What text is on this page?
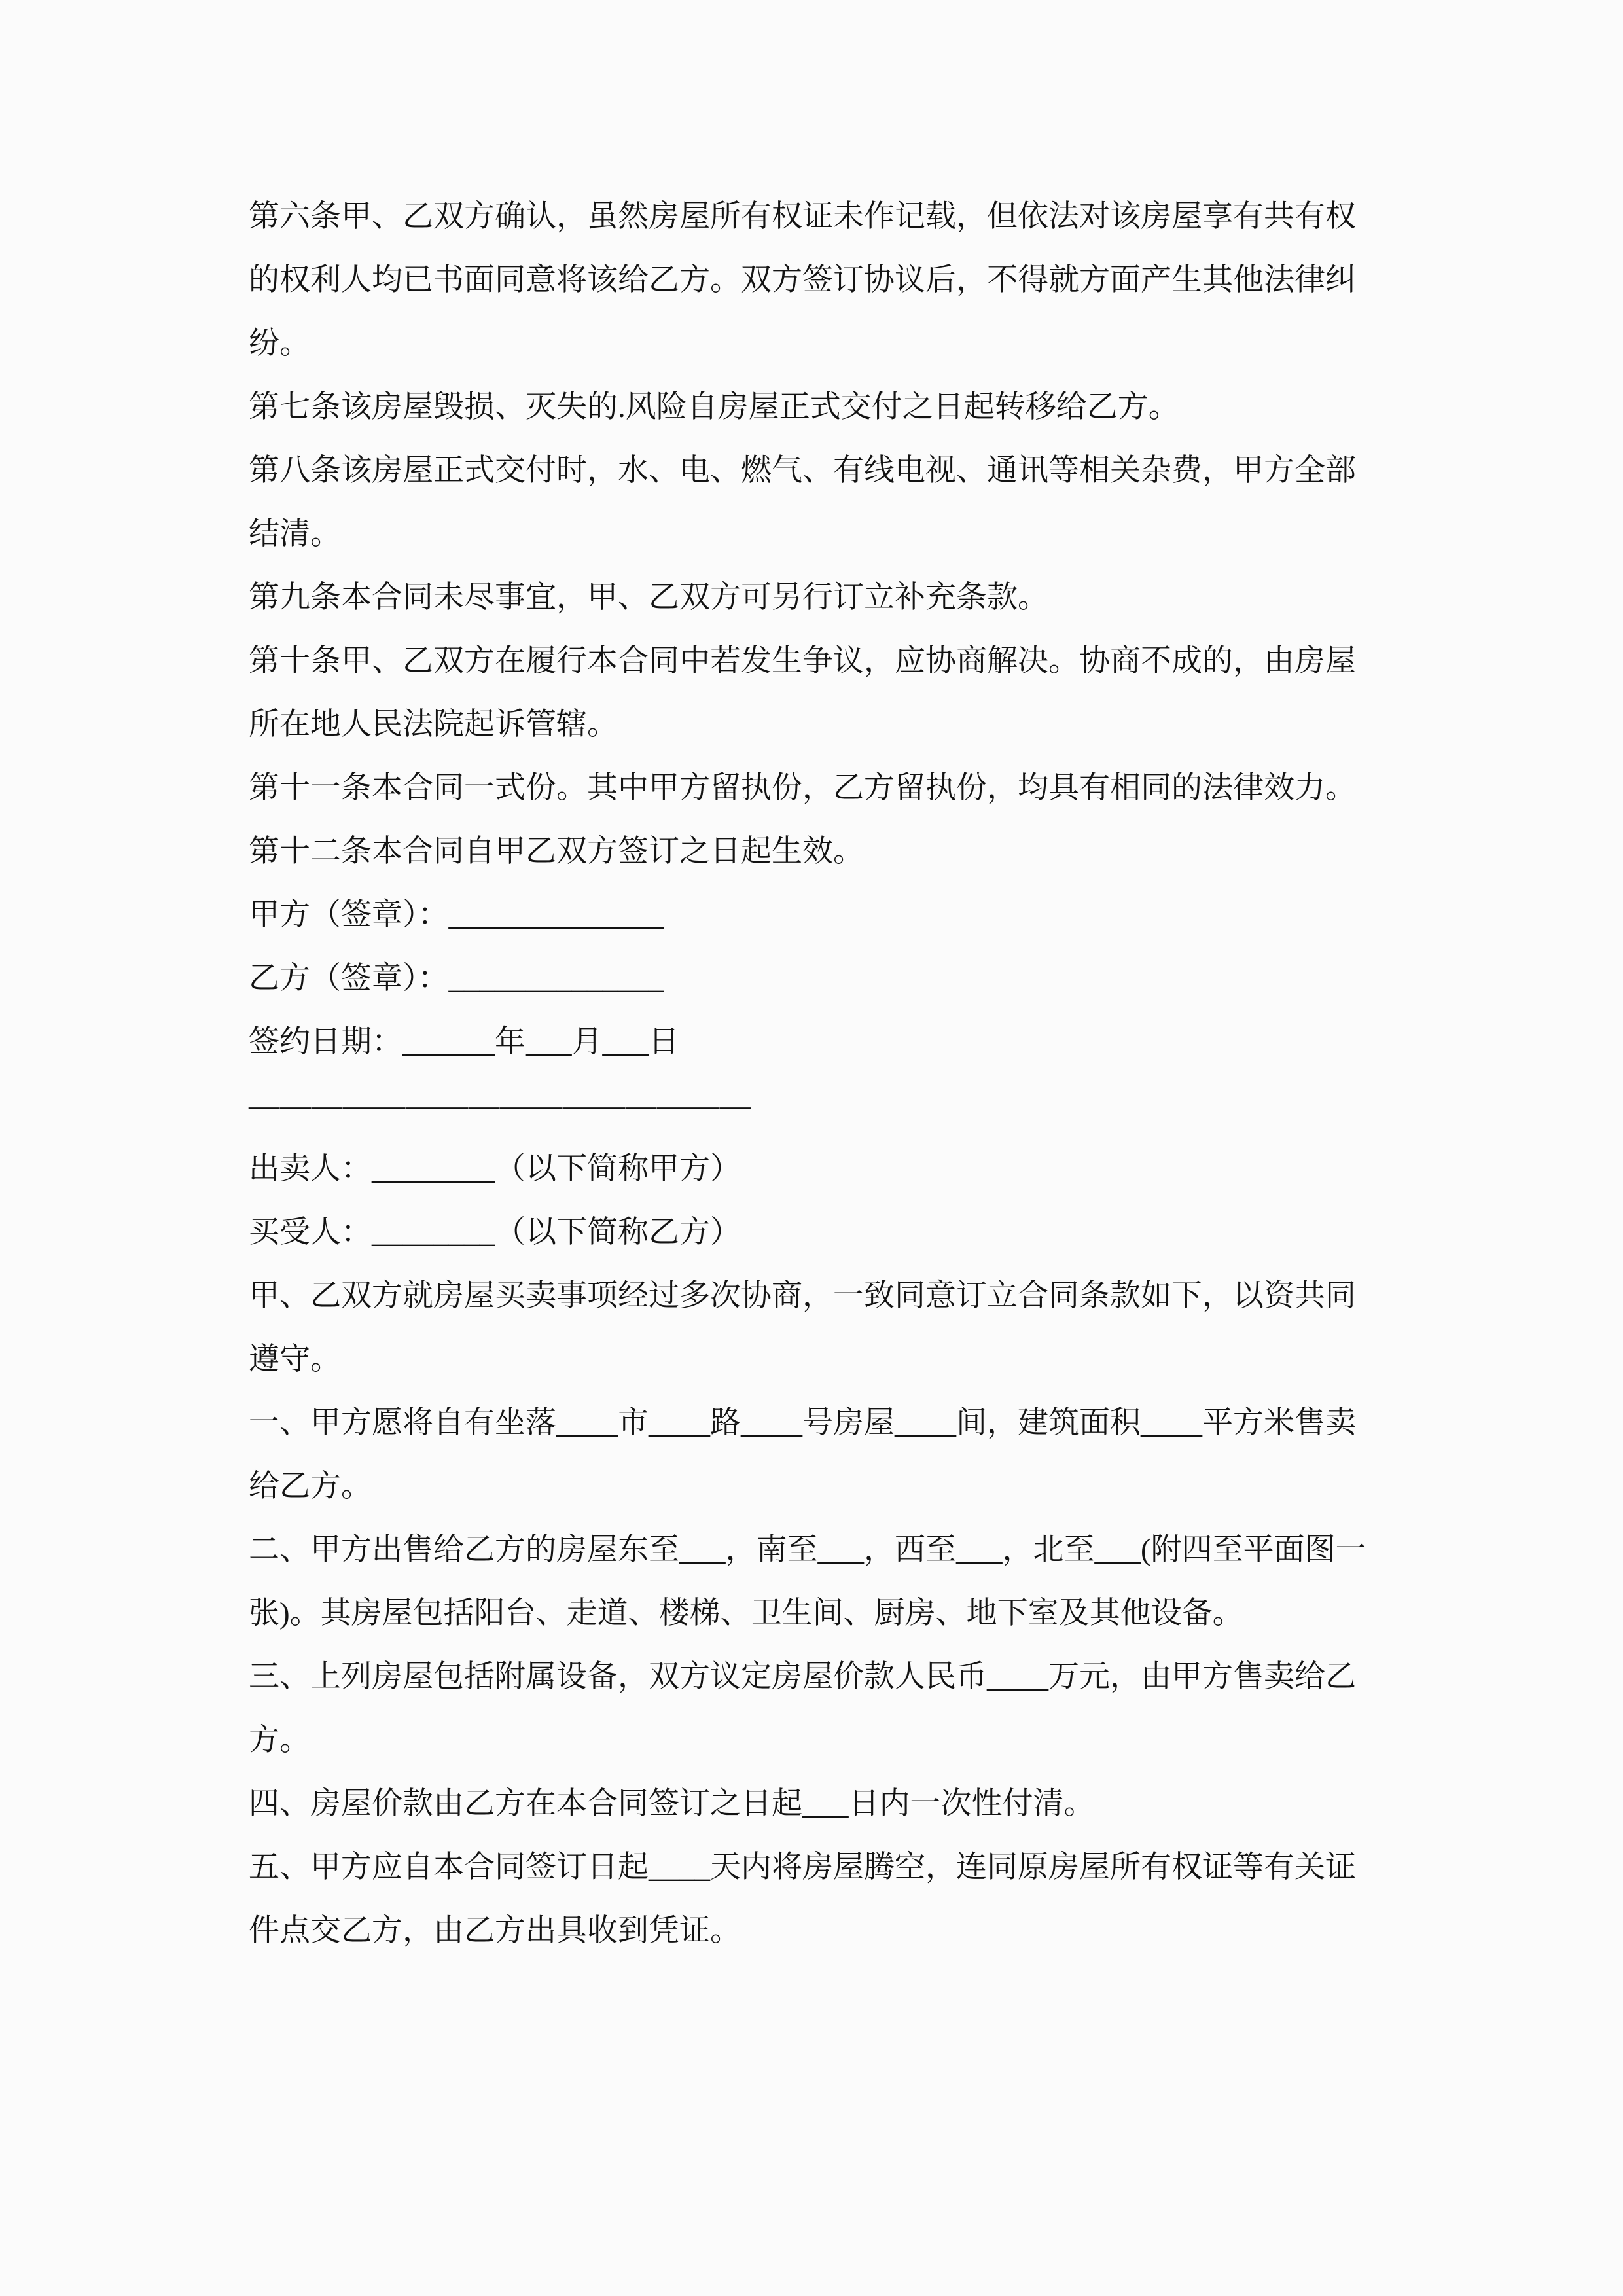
第六条甲、乙双方确认，虽然房屋所有权证未作记载，但依法对该房屋享有共有权的权利人均已书面同意将该给乙方。双方签订协议后，不得就方面产生其他法律纠纷。

第七条该房屋毁损、灭失的.风险自房屋正式交付之日起转移给乙方。

第八条该房屋正式交付时，水、电、燃气、有线电视、通讯等相关杂费，甲方全部结清。

第九条本合同未尽事宜，甲、乙双方可另行订立补充条款。

第十条甲、乙双方在履行本合同中若发生争议，应协商解决。协商不成的，由房屋所在地人民法院起诉管辖。

第十一条本合同一式份。其中甲方留执份，乙方留执份，均具有相同的法律效力。

第十二条本合同自甲乙双方签订之日起生效。

甲方（签章）：______________

乙方（签章）：______________

签约日期：______年___月___日

————————————————

出卖人：________（以下简称甲方）

买受人：________（以下简称乙方）

甲、乙双方就房屋买卖事项经过多次协商，一致同意订立合同条款如下，以资共同遵守。

一、甲方愿将自有坐落____市____路____号房屋____间，建筑面积____平方米售卖给乙方。

二、甲方出售给乙方的房屋东至___，南至___，西至___，北至___(附四至平面图一张)。其房屋包括阳台、走道、楼梯、卫生间、厨房、地下室及其他设备。

三、上列房屋包括附属设备，双方议定房屋价款人民币____万元，由甲方售卖给乙方。

四、房屋价款由乙方在本合同签订之日起___日内一次性付清。

五、甲方应自本合同签订日起____天内将房屋腾空，连同原房屋所有权证等有关证件点交乙方，由乙方出具收到凭证。
